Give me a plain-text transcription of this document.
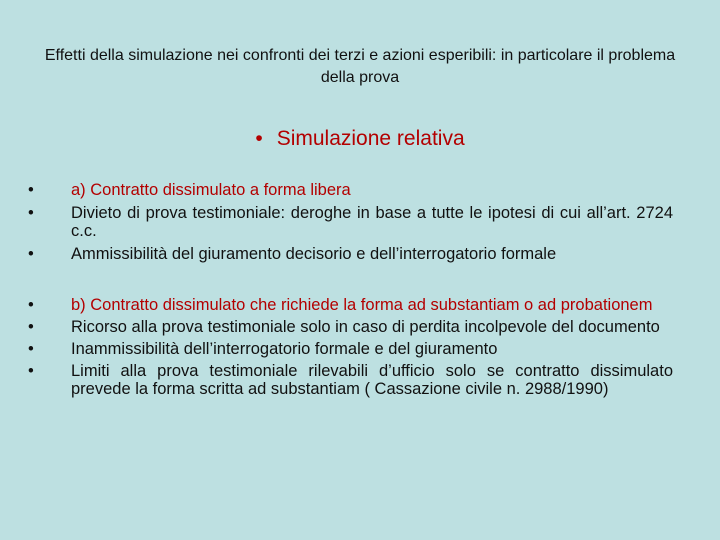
Effetti della simulazione nei confronti dei terzi e azioni esperibili: in particolare il problema della prova
• Simulazione relativa
• a) Contratto dissimulato a forma libera
• Divieto di prova testimoniale: deroghe in base a tutte le ipotesi di cui all’art. 2724 c.c.
• Ammissibilità del giuramento decisorio e dell’interrogatorio formale
• b) Contratto dissimulato che richiede la forma ad substantiam o ad probationem
• Ricorso alla prova testimoniale solo in caso di perdita incolpevole del documento
• Inammissibilità dell’interrogatorio formale e del giuramento
• Limiti alla prova testimoniale rilevabili d’ufficio solo se contratto dissimulato prevede la forma scritta ad substantiam ( Cassazione civile n. 2988/1990)
